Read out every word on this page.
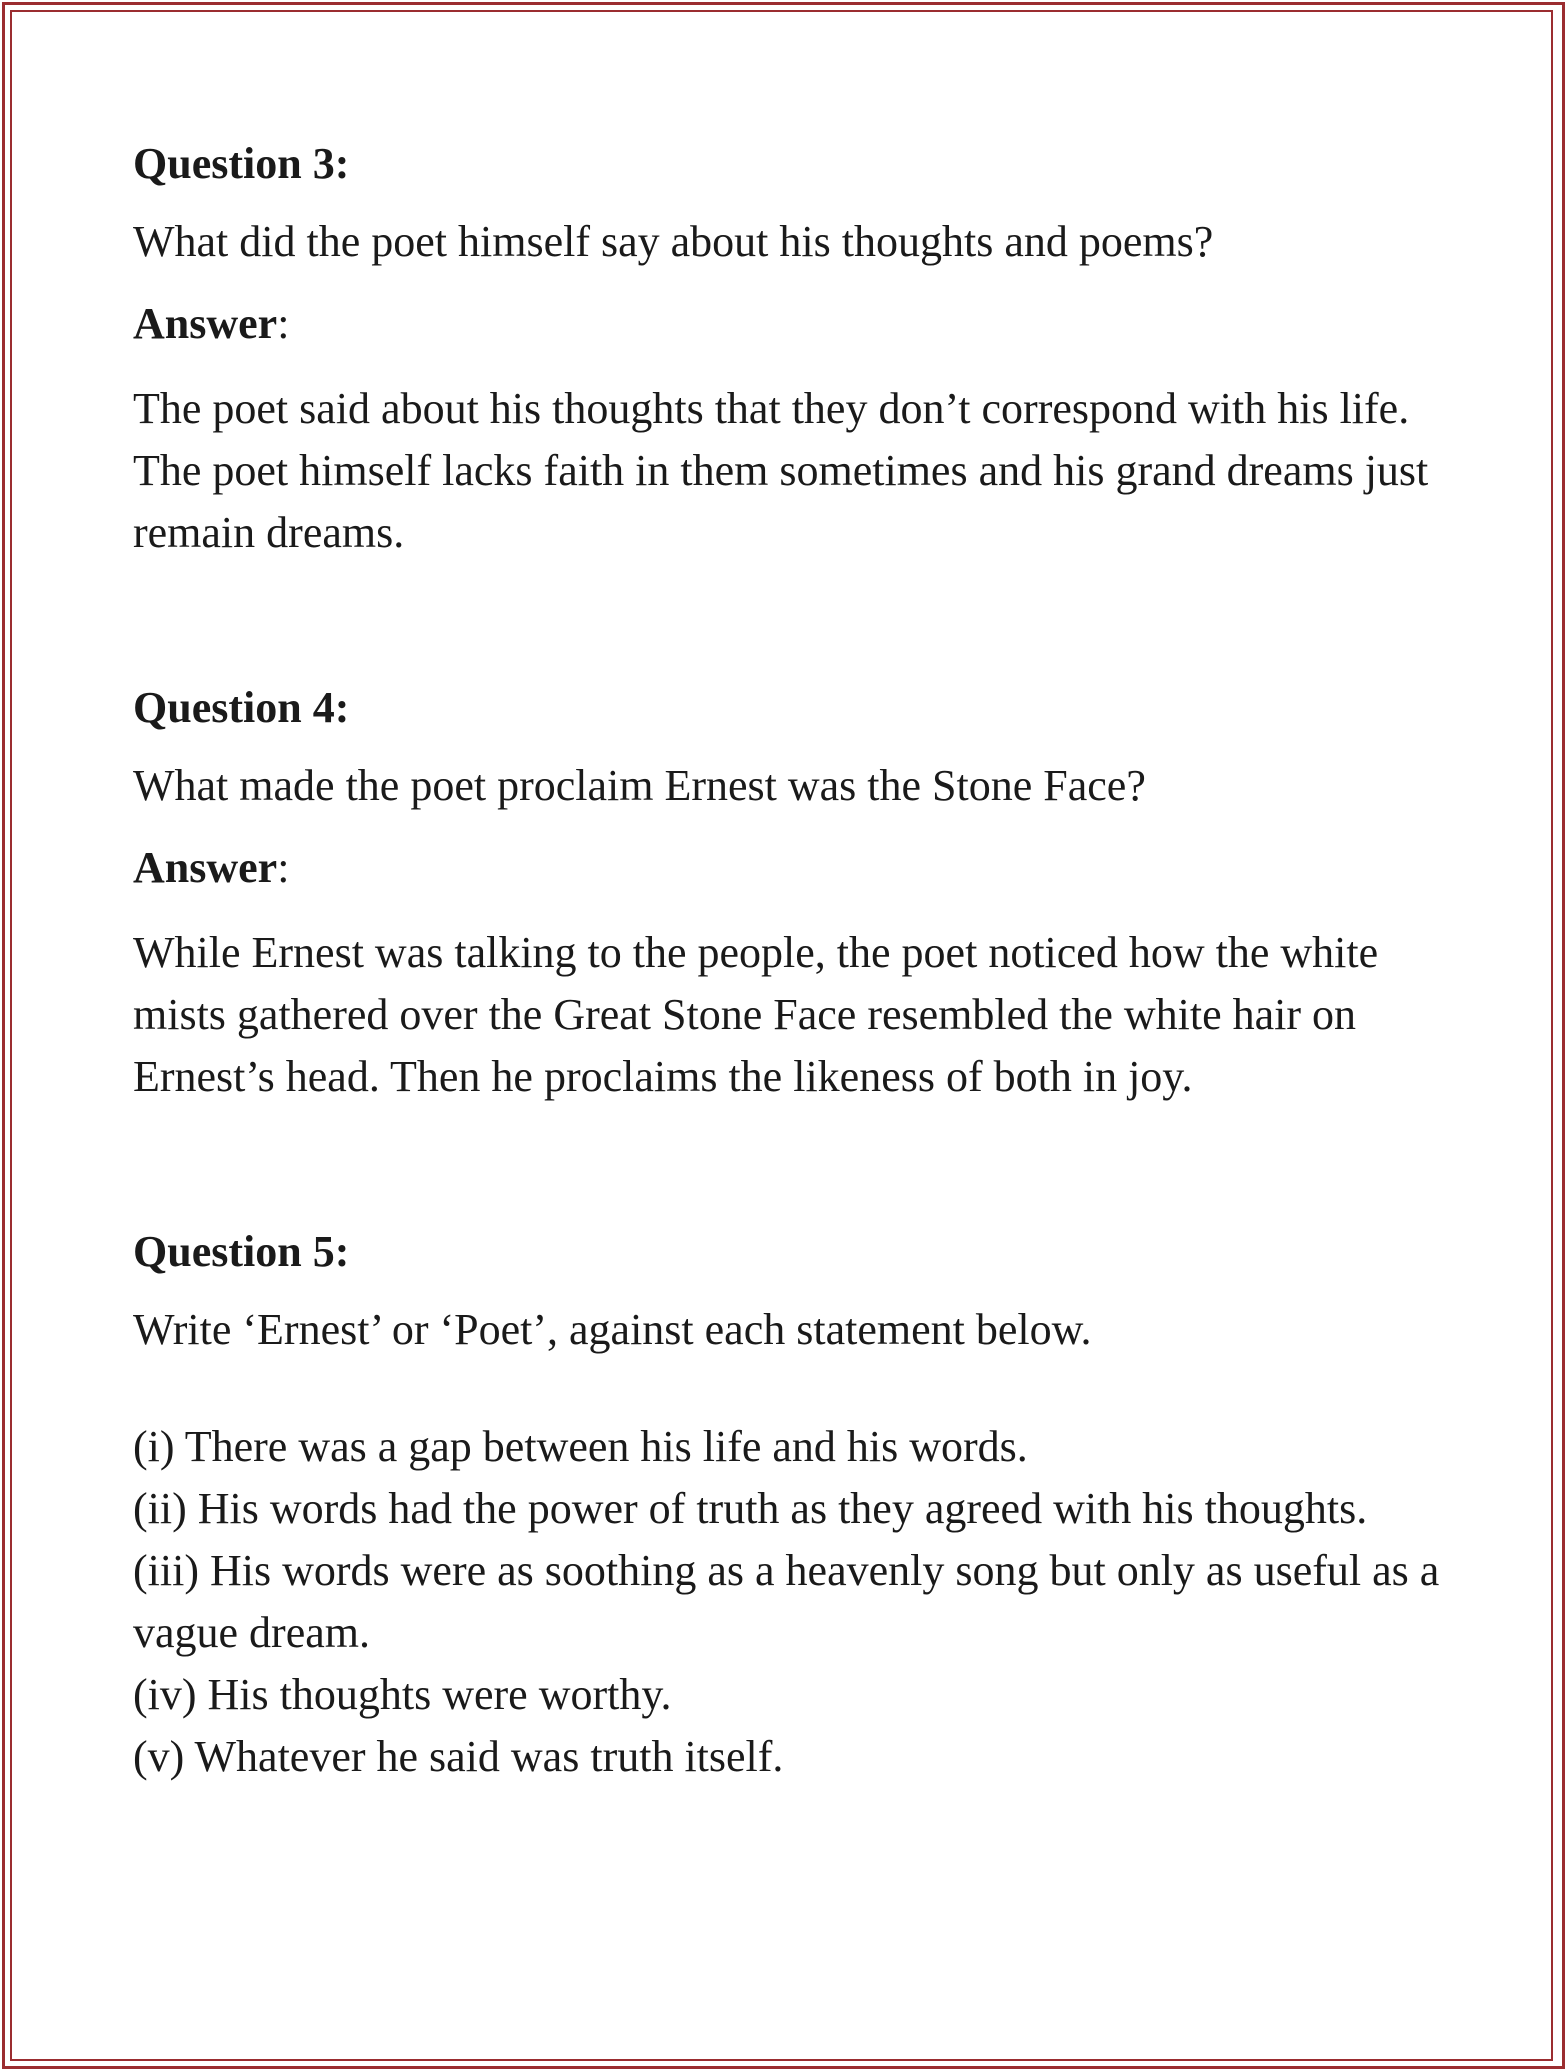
Question 3:

What did the poet himself say about his thoughts and poems?

Answer:

The poet said about his thoughts that they don’t correspond with his life. The poet himself lacks faith in them sometimes and his grand dreams just remain dreams.

Question 4:

What made the poet proclaim Ernest was the Stone Face?

Answer:

While Ernest was talking to the people, the poet noticed how the white mists gathered over the Great Stone Face resembled the white hair on Ernest’s head. Then he proclaims the likeness of both in joy.

Question 5:

Write ‘Ernest’ or ‘Poet’, against each statement below.

(i) There was a gap between his life and his words.
(ii) His words had the power of truth as they agreed with his thoughts.
(iii) His words were as soothing as a heavenly song but only as useful as a vague dream.
(iv) His thoughts were worthy.
(v) Whatever he said was truth itself.
